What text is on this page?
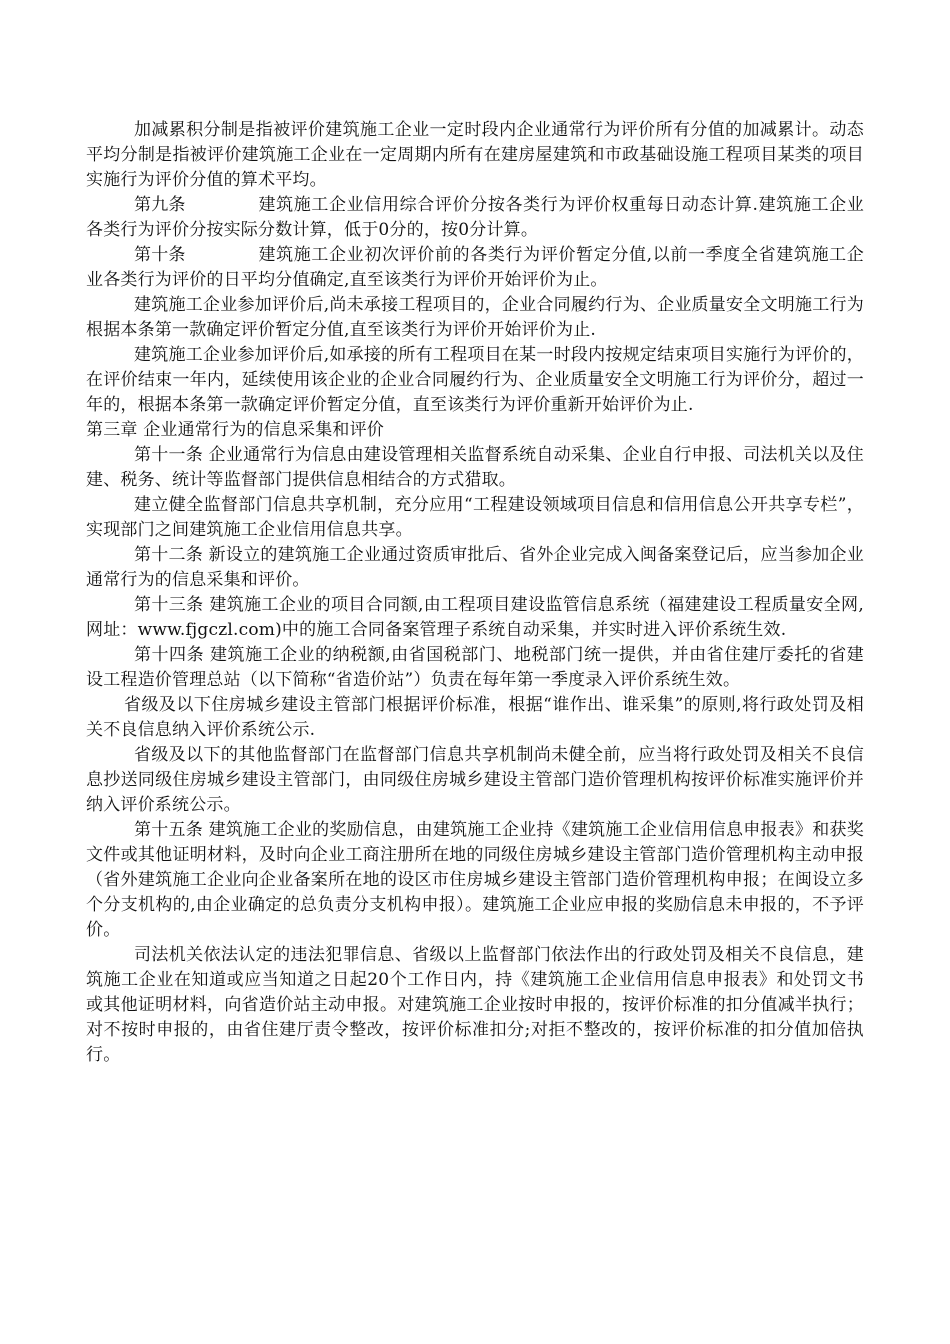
加减累积分制是指被评价建筑施工企业一定时段内企业通常行为评价所有分值的加减累计。动态平均分制是指被评价建筑施工企业在一定周期内所有在建房屋建筑和市政基础设施工程项目某类的项目实施行为评价分值的算术平均。

第九条	建筑施工企业信用综合评价分按各类行为评价权重每日动态计算.建筑施工企业各类行为评价分按实际分数计算，低于0分的，按0分计算。

第十条	建筑施工企业初次评价前的各类行为评价暂定分值,以前一季度全省建筑施工企业各类行为评价的日平均分值确定,直至该类行为评价开始评价为止。

建筑施工企业参加评价后,尚未承接工程项目的，企业合同履约行为、企业质量安全文明施工行为根据本条第一款确定评价暂定分值,直至该类行为评价开始评价为止.

建筑施工企业参加评价后,如承接的所有工程项目在某一时段内按规定结束项目实施行为评价的，在评价结束一年内，延续使用该企业的企业合同履约行为、企业质量安全文明施工行为评价分，超过一年的，根据本条第一款确定评价暂定分值，直至该类行为评价重新开始评价为止.

第三章 企业通常行为的信息采集和评价

第十一条 企业通常行为信息由建设管理相关监督系统自动采集、企业自行申报、司法机关以及住建、税务、统计等监督部门提供信息相结合的方式猎取。

建立健全监督部门信息共享机制，充分应用“工程建设领域项目信息和信用信息公开共享专栏”，实现部门之间建筑施工企业信用信息共享。

第十二条 新设立的建筑施工企业通过资质审批后、省外企业完成入闽备案登记后，应当参加企业通常行为的信息采集和评价。

第十三条 建筑施工企业的项目合同额,由工程项目建设监管信息系统（福建建设工程质量安全网,网址：www.fjgczl.com)中的施工合同备案管理子系统自动采集，并实时进入评价系统生效.

第十四条 建筑施工企业的纳税额,由省国税部门、地税部门统一提供，并由省住建厅委托的省建设工程造价管理总站（以下简称“省造价站”）负责在每年第一季度录入评价系统生效。

省级及以下住房城乡建设主管部门根据评价标准，根据“谁作出、谁采集”的原则,将行政处罚及相关不良信息纳入评价系统公示.

省级及以下的其他监督部门在监督部门信息共享机制尚未健全前，应当将行政处罚及相关不良信息抄送同级住房城乡建设主管部门，由同级住房城乡建设主管部门造价管理机构按评价标准实施评价并纳入评价系统公示。

第十五条 建筑施工企业的奖励信息，由建筑施工企业持《建筑施工企业信用信息申报表》和获奖文件或其他证明材料，及时向企业工商注册所在地的同级住房城乡建设主管部门造价管理机构主动申报（省外建筑施工企业向企业备案所在地的设区市住房城乡建设主管部门造价管理机构申报；在闽设立多个分支机构的,由企业确定的总负责分支机构申报）。建筑施工企业应申报的奖励信息未申报的，不予评价。

司法机关依法认定的违法犯罪信息、省级以上监督部门依法作出的行政处罚及相关不良信息，建筑施工企业在知道或应当知道之日起20个工作日内，持《建筑施工企业信用信息申报表》和处罚文书或其他证明材料，向省造价站主动申报。对建筑施工企业按时申报的，按评价标准的扣分值减半执行；对不按时申报的，由省住建厅责令整改，按评价标准扣分;对拒不整改的，按评价标准的扣分值加倍执行。
